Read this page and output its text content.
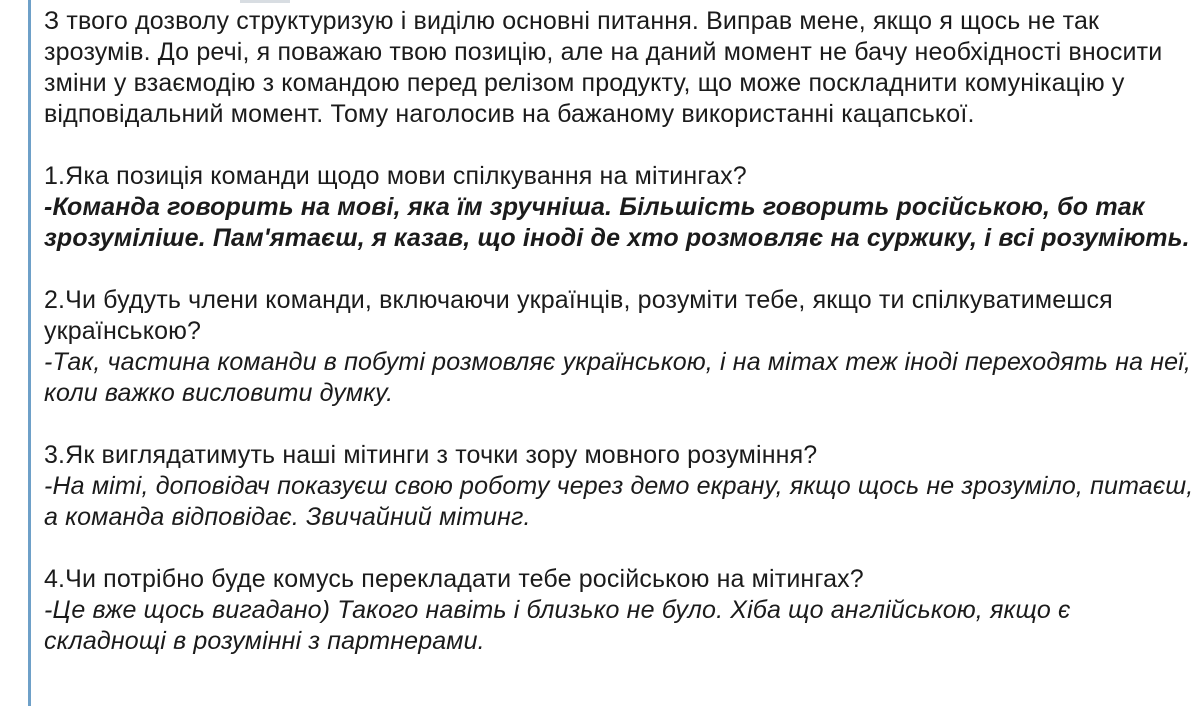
З твого дозволу структуризую і виділю основні питання. Виправ мене, якщо я щось не так зрозумів. До речі, я поважаю твою позицію, але на даний момент не бачу необхідності вносити зміни у взаємодію з командою перед релізом продукту, що може поскладнити комунікацію у відповідальний момент. Тому наголосив на бажаному використанні кацапської.

1.Яка позиція команди щодо мови спілкування на мітингах?

-Команда говорить на мові, яка їм зручніша. Більшість говорить російською, бо так зрозуміліше. Пам'ятаєш, я казав, що іноді де хто розмовляє на суржику, і всі розуміють.

2.Чи будуть члени команди, включаючи українців, розуміти тебе, якщо ти спілкуватимешся українською?

-Так, частина команди в побуті розмовляє українською, і на мітах теж іноді переходять на неї, коли важко висловити думку.

3.Як виглядатимуть наші мітинги з точки зору мовного розуміння?

-На міті, доповідач показуєш свою роботу через демо екрану, якщо щось не зрозуміло, питаєш, а команда відповідає. Звичайний мітинг.

4.Чи потрібно буде комусь перекладати тебе російською на мітингах?

-Це вже щось вигадано) Такого навіть і близько не було. Хіба що англійською, якщо є складнощі в розумінні з партнерами.
